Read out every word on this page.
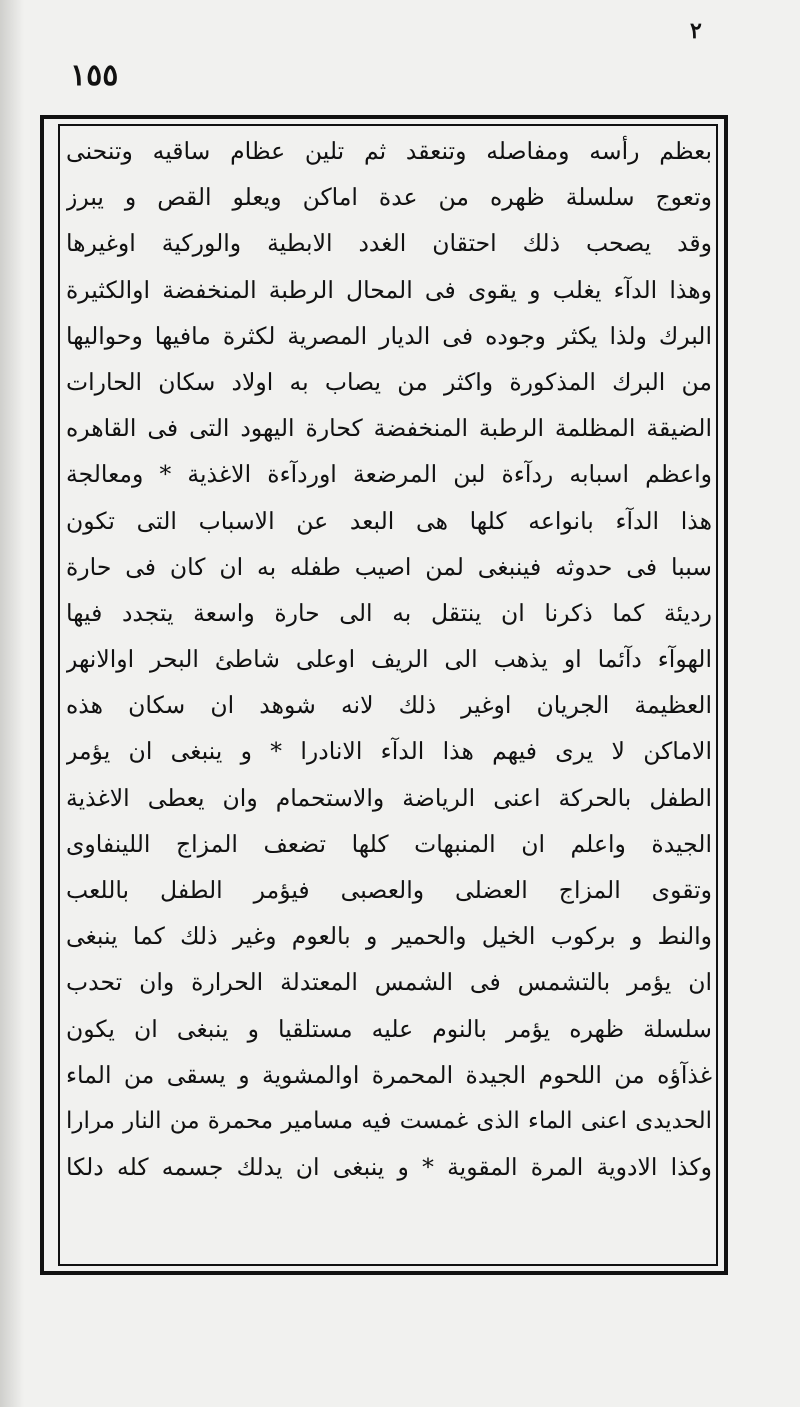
٢
١٥٥
بعظم رأسه ومفاصله وتنعقد ثم تلين عظام ساقيه وتنحنى
وتعوج سلسلة ظهره من عدة اماكن ويعلو القص و يبرز
وقد يصحب ذلك احتقان الغدد الابطية والوركية اوغيرها
وهذا الدآء يغلب و يقوى فى المحال الرطبة المنخفضة اوالكثيرة
البرك ولذا يكثر وجوده فى الديار المصرية لكثرة مافيها وحواليها
من البرك المذكورة واكثر من يصاب به اولاد سكان الحارات
الضيقة المظلمة الرطبة المنخفضة كحارة اليهود التى فى القاهره
واعظم اسبابه ردآءة لبن المرضعة اوردآءة الاغذية * ومعالجة
هذا الدآء بانواعه كلها هى البعد عن الاسباب التى تكون
سببا فى حدوثه فينبغى لمن اصيب طفله به ان كان فى حارة
رديئة كما ذكرنا ان ينتقل به الى حارة واسعة يتجدد فيها
الهوآء دآئما او يذهب الى الريف اوعلى شاطئ البحر اوالانهر
العظيمة الجريان اوغير ذلك لانه شوهد ان سكان هذه
الاماكن لا يرى فيهم هذا الدآء الانادرا * و ينبغى ان يؤمر
الطفل بالحركة اعنى الرياضة والاستحمام وان يعطى الاغذية
الجيدة واعلم ان المنبهات كلها تضعف المزاج اللينفاوى
وتقوى المزاج العضلى والعصبى فيؤمر الطفل باللعب
والنط و بركوب الخيل والحمير و بالعوم وغير ذلك كما ينبغى
ان يؤمر بالتشمس فى الشمس المعتدلة الحرارة وان تحدب
سلسلة ظهره يؤمر بالنوم عليه مستلقيا و ينبغى ان يكون
غذآؤه من اللحوم الجيدة المحمرة اوالمشوية و يسقى من الماء
الحديدى اعنى الماء الذى غمست فيه مسامير محمرة من النار مرارا
وكذا الادوية المرة المقوية * و ينبغى ان يدلك جسمه كله دلكا
